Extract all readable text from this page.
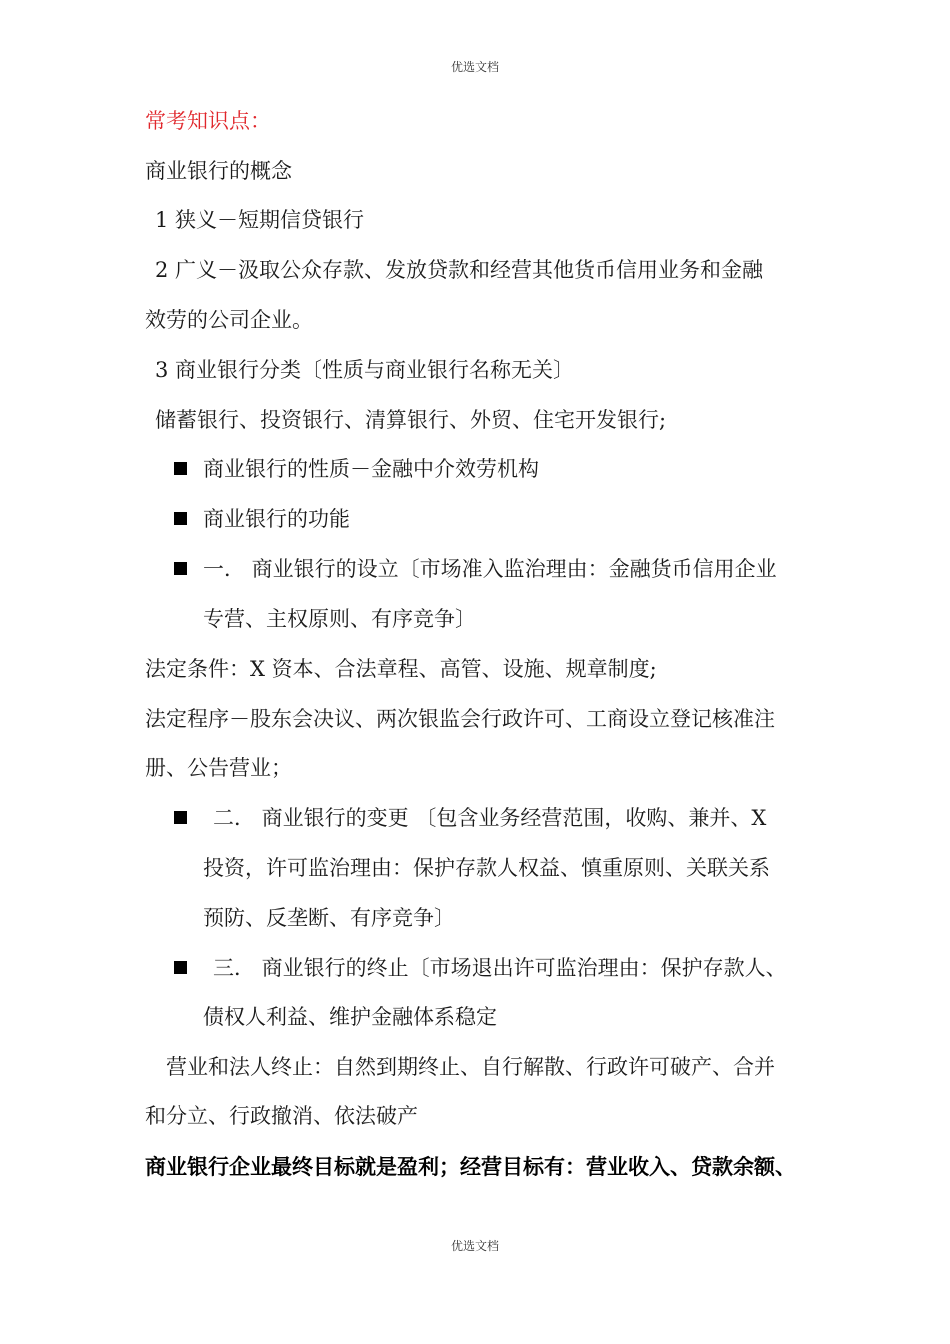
优选文档
常考知识点：
商业银行的概念
1 狭义－短期信贷银行
2 广义－汲取公众存款、发放贷款和经营其他货币信用业务和金融
效劳的公司企业。
3 商业银行分类〔性质与商业银行名称无关〕
储蓄银行、投资银行、清算银行、外贸、住宅开发银行;
商业银行的性质－金融中介效劳机构
商业银行的功能
一． 商业银行的设立〔市场准入监治理由：金融货币信用企业
专营、主权原则、有序竞争〕
法定条件：X 资本、合法章程、高管、设施、规章制度;
法定程序－股东会决议、两次银监会行政许可、工商设立登记核准注
册、公告营业；
二． 商业银行的变更 〔包含业务经营范围，收购、兼并、X
投资，许可监治理由：保护存款人权益、慎重原则、关联关系
预防、反垄断、有序竞争〕
三． 商业银行的终止〔市场退出许可监治理由：保护存款人、
债权人利益、维护金融体系稳定
营业和法人终止：自然到期终止、自行解散、行政许可破产、合并
和分立、行政撤消、依法破产
商业银行企业最终目标就是盈利；经营目标有：营业收入、贷款余额、
优选文档
